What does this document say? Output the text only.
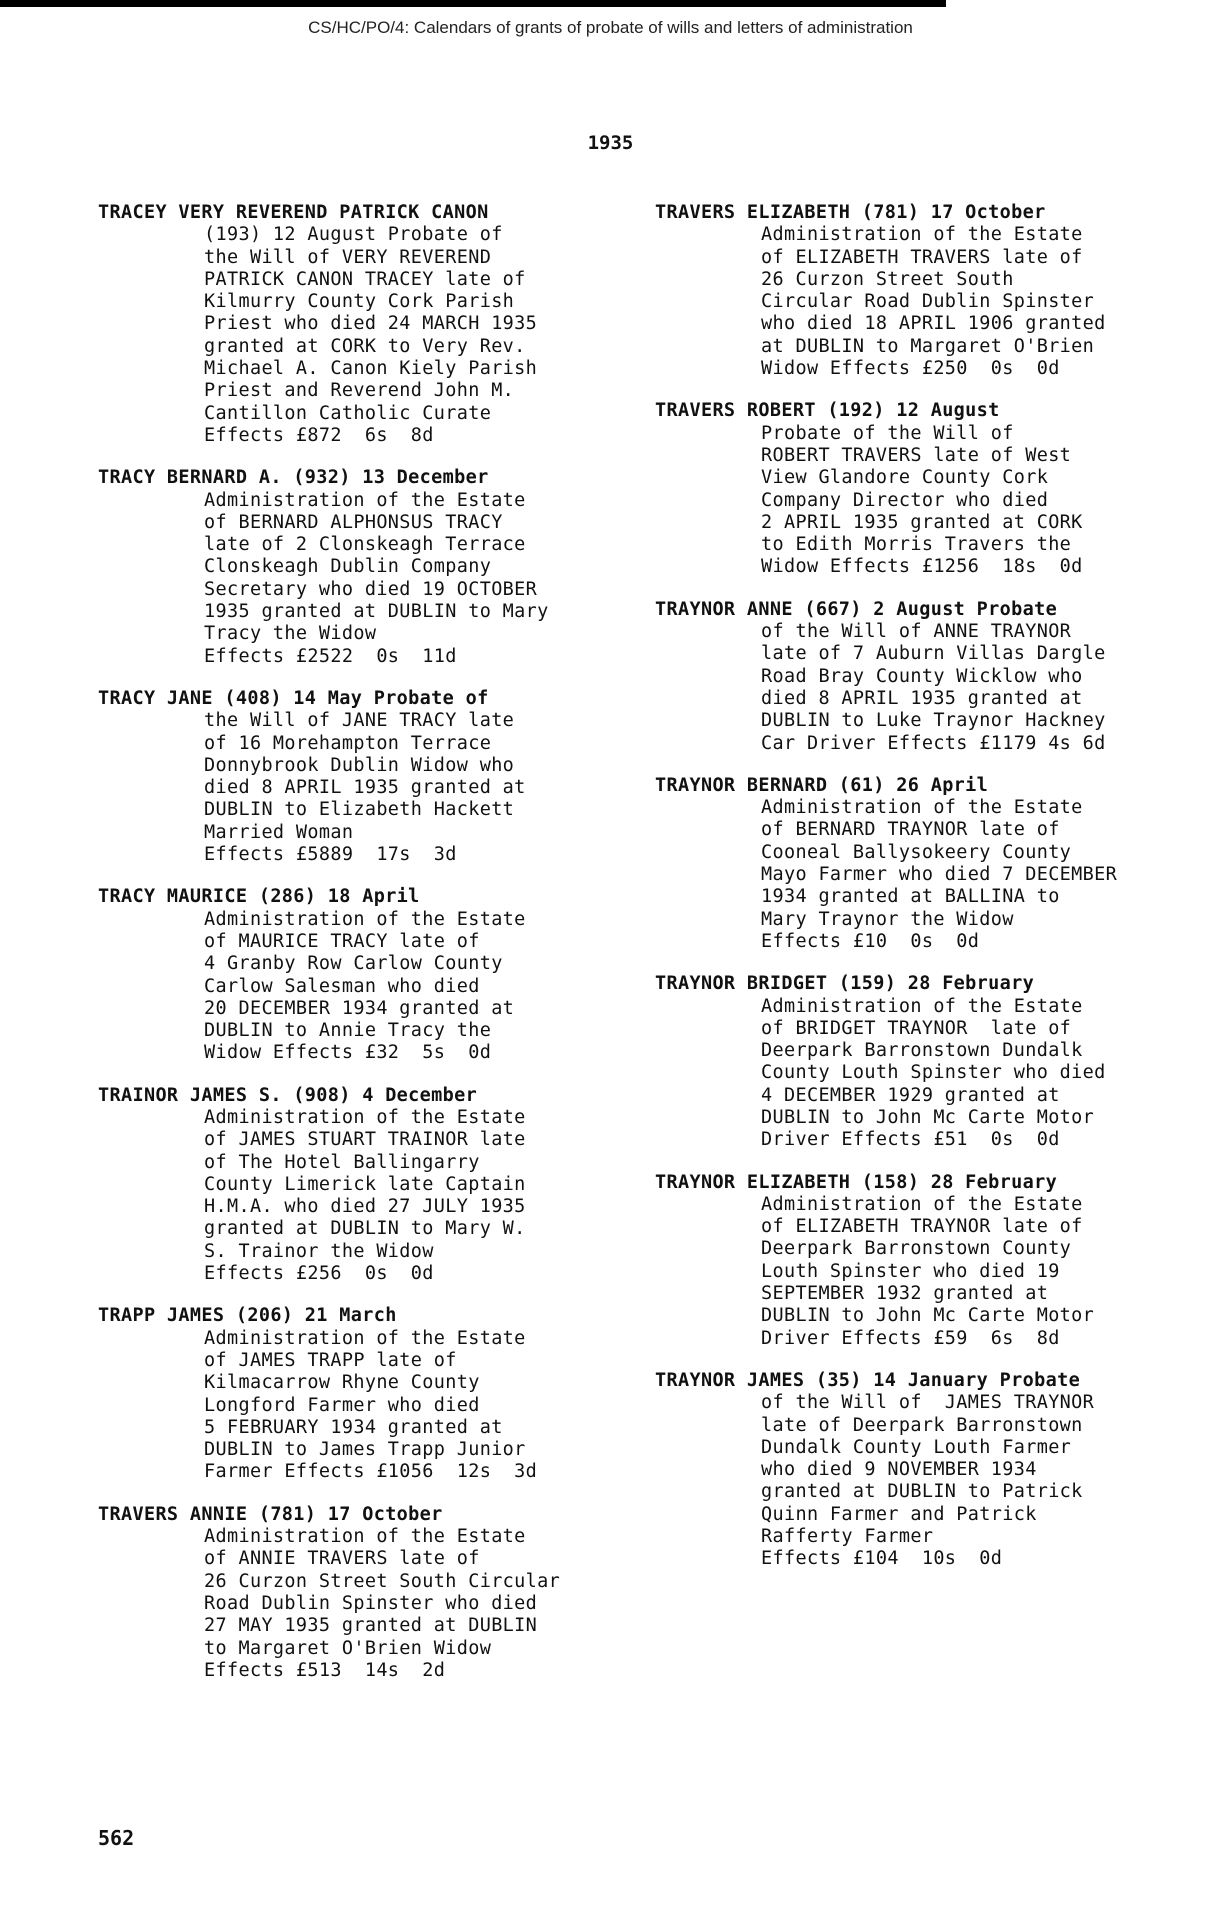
CS/HC/PO/4: Calendars of grants of probate of wills and letters of administration
1935
TRACEY VERY REVEREND PATRICK CANON
(193) 12 August Probate of
the Will of VERY REVEREND
PATRICK CANON TRACEY late of
Kilmurry County Cork Parish
Priest who died 24 MARCH 1935
granted at CORK to Very Rev.
Michael A. Canon Kiely Parish
Priest and Reverend John M.
Cantillon Catholic Curate
Effects £872  6s  8d
TRACY BERNARD A. (932) 13 December
Administration of the Estate
of BERNARD ALPHONSUS TRACY
late of 2 Clonskeagh Terrace
Clonskeagh Dublin Company
Secretary who died 19 OCTOBER
1935 granted at DUBLIN to Mary
Tracy the Widow
Effects £2522  0s  11d
TRACY JANE (408) 14 May Probate of
the Will of JANE TRACY late
of 16 Morehampton Terrace
Donnybrook Dublin Widow who
died 8 APRIL 1935 granted at
DUBLIN to Elizabeth Hackett
Married Woman
Effects £5889  17s  3d
TRACY MAURICE (286) 18 April
Administration of the Estate
of MAURICE TRACY late of
4 Granby Row Carlow County
Carlow Salesman who died
20 DECEMBER 1934 granted at
DUBLIN to Annie Tracy the
Widow Effects £32  5s  0d
TRAINOR JAMES S. (908) 4 December
Administration of the Estate
of JAMES STUART TRAINOR late
of The Hotel Ballingarry
County Limerick late Captain
H.M.A. who died 27 JULY 1935
granted at DUBLIN to Mary W.
S. Trainor the Widow
Effects £256  0s  0d
TRAPP JAMES (206) 21 March
Administration of the Estate
of JAMES TRAPP late of
Kilmacarrow Rhyne County
Longford Farmer who died
5 FEBRUARY 1934 granted at
DUBLIN to James Trapp Junior
Farmer Effects £1056  12s  3d
TRAVERS ANNIE (781) 17 October
Administration of the Estate
of ANNIE TRAVERS late of
26 Curzon Street South Circular
Road Dublin Spinster who died
27 MAY 1935 granted at DUBLIN
to Margaret O'Brien Widow
Effects £513  14s  2d
TRAVERS ELIZABETH (781) 17 October
Administration of the Estate
of ELIZABETH TRAVERS late of
26 Curzon Street South
Circular Road Dublin Spinster
who died 18 APRIL 1906 granted
at DUBLIN to Margaret O'Brien
Widow Effects £250  0s  0d
TRAVERS ROBERT (192) 12 August
Probate of the Will of
ROBERT TRAVERS late of West
View Glandore County Cork
Company Director who died
2 APRIL 1935 granted at CORK
to Edith Morris Travers the
Widow Effects £1256  18s  0d
TRAYNOR ANNE (667) 2 August Probate
of the Will of ANNE TRAYNOR
late of 7 Auburn Villas Dargle
Road Bray County Wicklow who
died 8 APRIL 1935 granted at
DUBLIN to Luke Traynor Hackney
Car Driver Effects £1179 4s 6d
TRAYNOR BERNARD (61) 26 April
Administration of the Estate
of BERNARD TRAYNOR late of
Cooneal Ballysokeery County
Mayo Farmer who died 7 DECEMBER
1934 granted at BALLINA to
Mary Traynor the Widow
Effects £10  0s  0d
TRAYNOR BRIDGET (159) 28 February
Administration of the Estate
of BRIDGET TRAYNOR  late of
Deerpark Barronstown Dundalk
County Louth Spinster who died
4 DECEMBER 1929 granted at
DUBLIN to John Mc Carte Motor
Driver Effects £51  0s  0d
TRAYNOR ELIZABETH (158) 28 February
Administration of the Estate
of ELIZABETH TRAYNOR late of
Deerpark Barronstown County
Louth Spinster who died 19
SEPTEMBER 1932 granted at
DUBLIN to John Mc Carte Motor
Driver Effects £59  6s  8d
TRAYNOR JAMES (35) 14 January Probate
of the Will of  JAMES TRAYNOR
late of Deerpark Barronstown
Dundalk County Louth Farmer
who died 9 NOVEMBER 1934
granted at DUBLIN to Patrick
Quinn Farmer and Patrick
Rafferty Farmer
Effects £104  10s  0d
562
